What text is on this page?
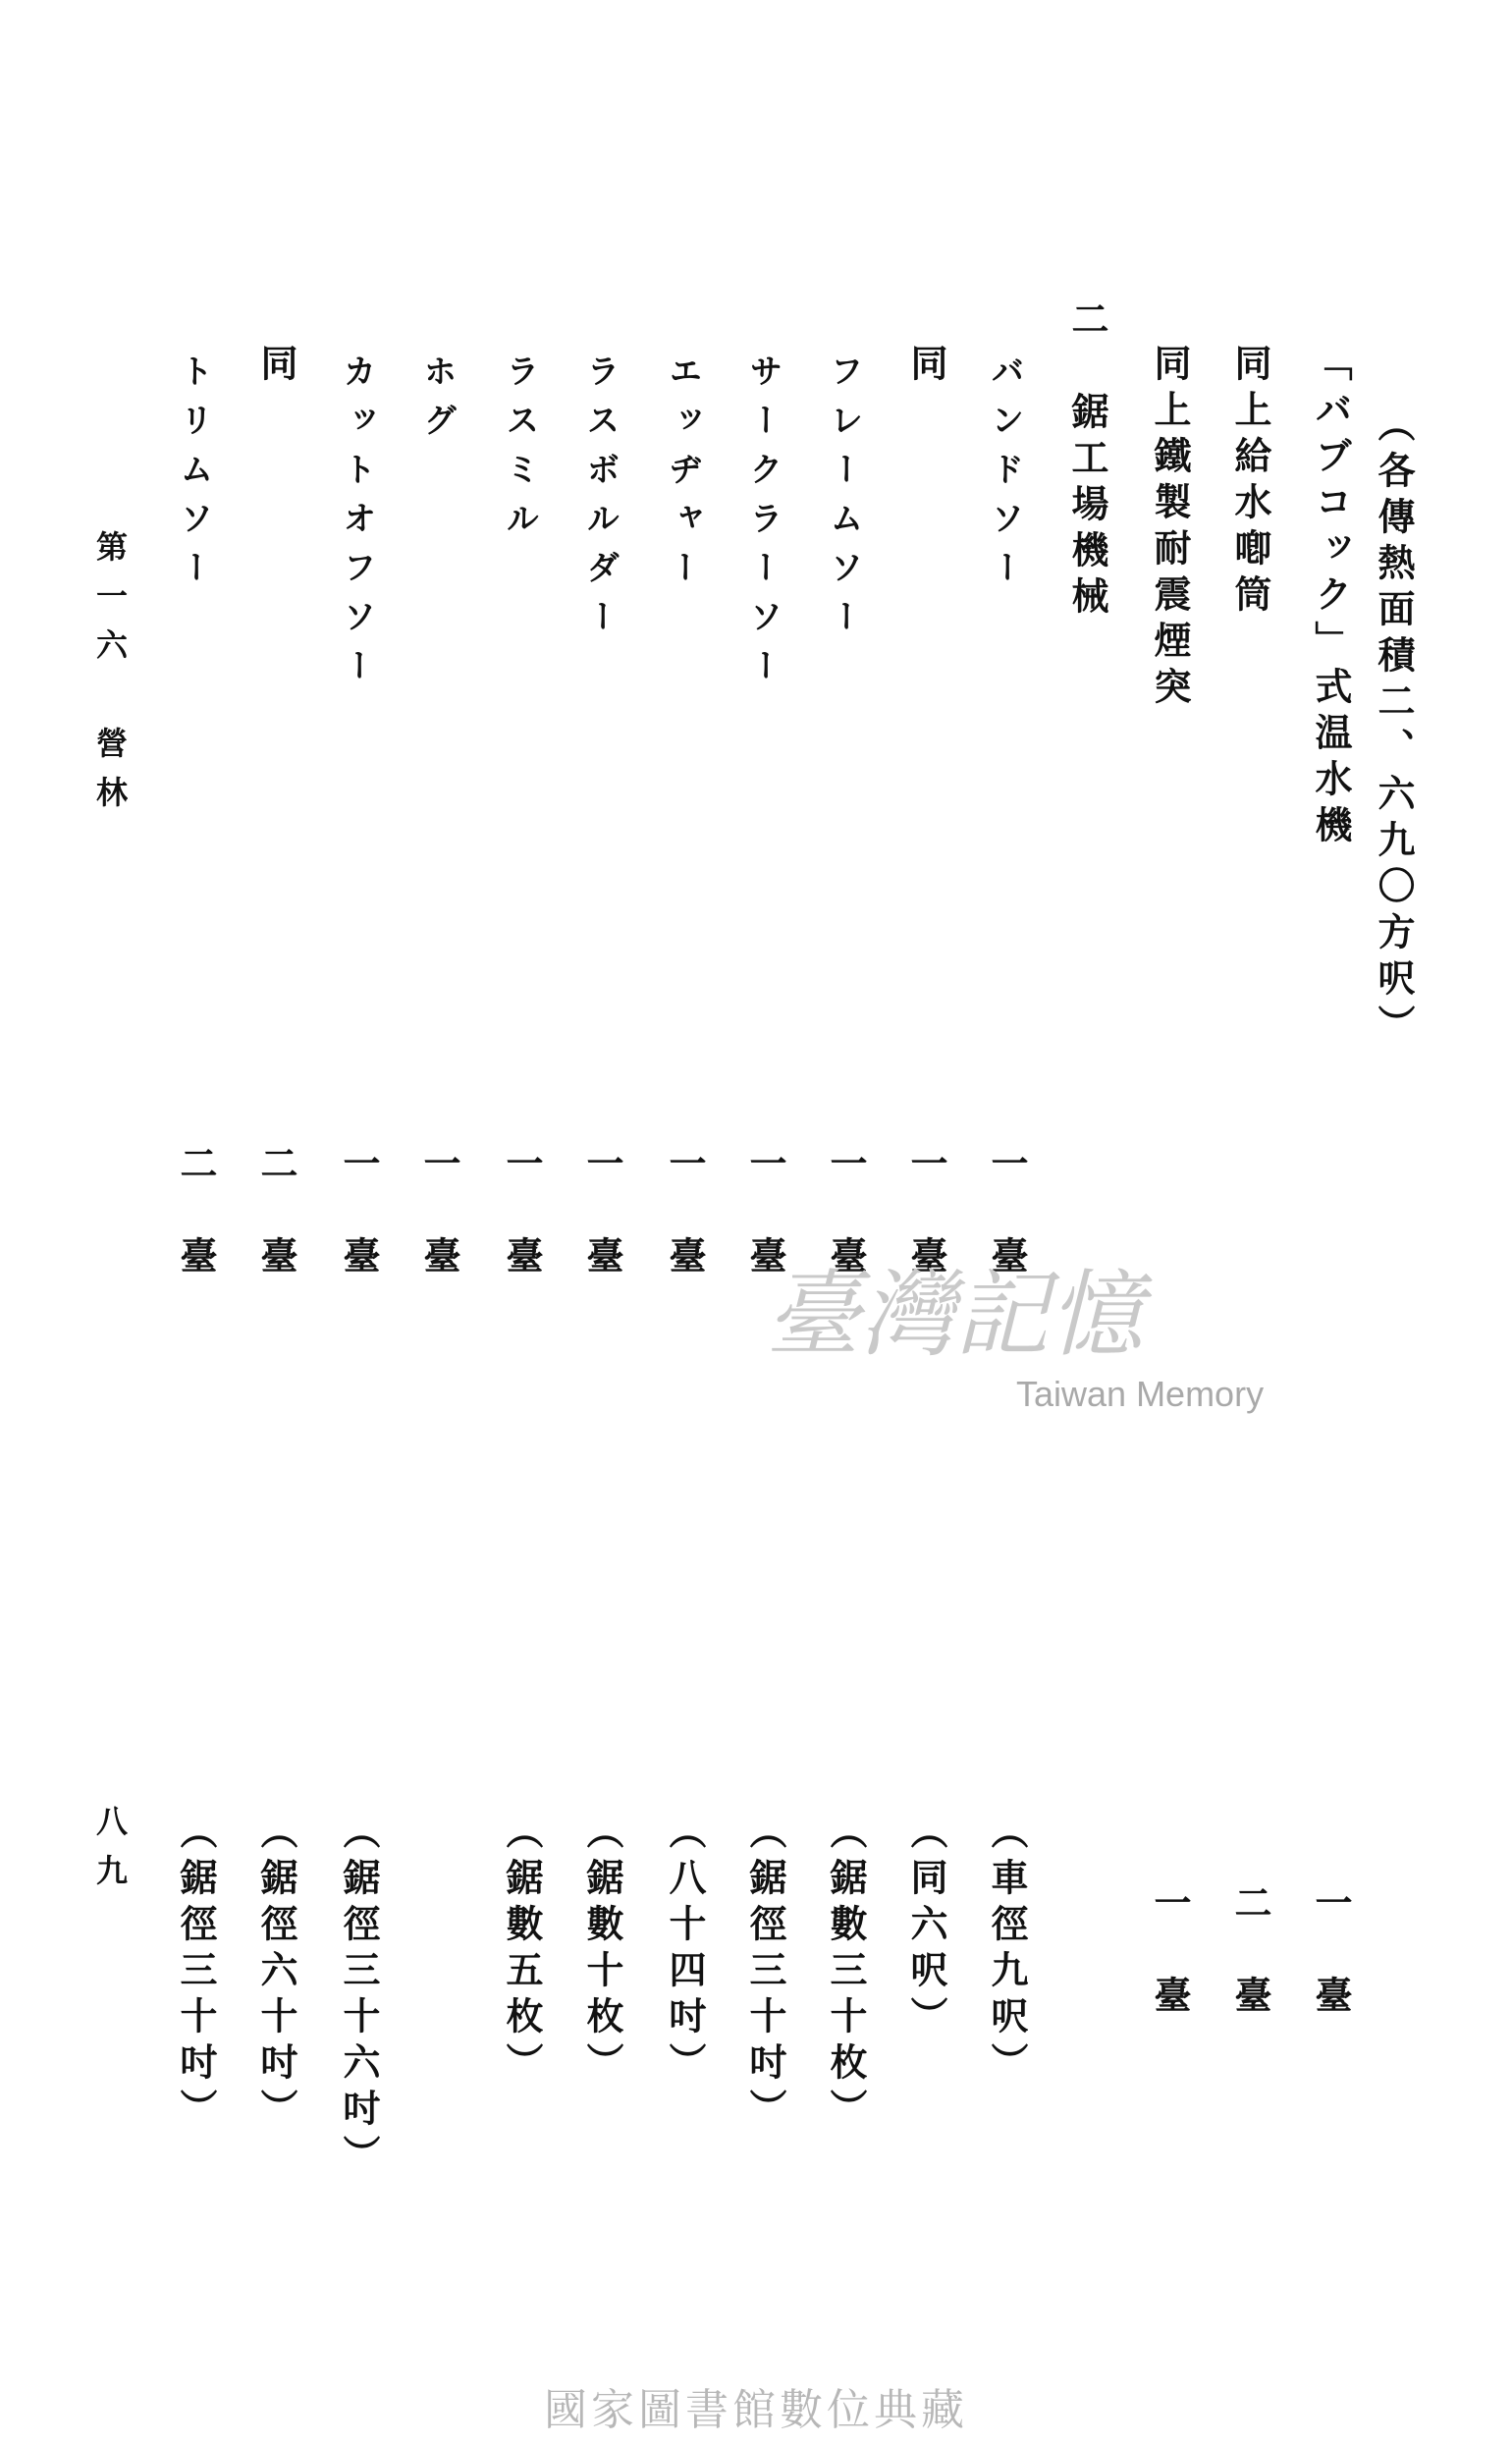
（各傳熱面積二、六九〇方呎）
「バブコック」式温水機
一　臺
同上給水喞筒
二　臺
同上鐵製耐震煙突
一　臺
二　鋸工場機械
バンドソー
一　臺
（車徑九呎）
同
一　臺
（同六呎）
フレームソー
一　臺
（鋸數三十枚）
サークラーソー
一　臺
（鋸徑三十吋）
エッヂャー
一　臺
（八十四吋）
ラスボルダー
一　臺
（鋸數十枚）
ラスミル
一　臺
（鋸數五枚）
ホグ
一　臺
カットオフソー
一　臺
（鋸徑三十六吋）
同
二　臺
（鋸徑六十吋）
トリムソー
二　臺
（鋸徑三十吋）
第一六　營林
八九
臺灣記憶
Taiwan Memory
國家圖書館數位典藏
